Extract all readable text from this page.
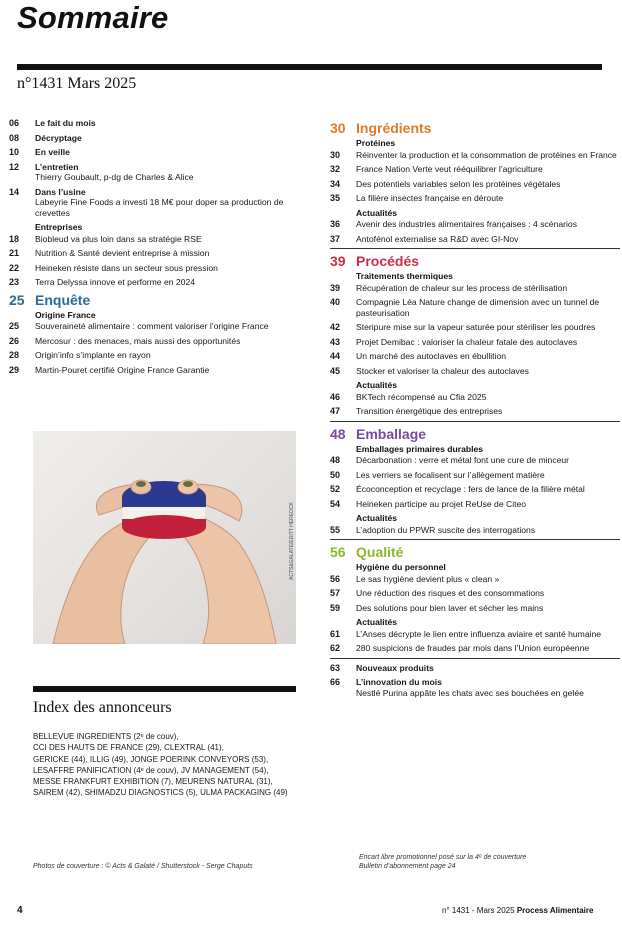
Sommaire
n°1431 Mars 2025
06 Le fait du mois
08 Décryptage
10 En veille
12 L’entretien
Thierry Goubault, p-dg de Charles & Alice
14 Dans l’usine
Labeyrie Fine Foods a investi 18 M€ pour doper sa production de crevettes
Entreprises
18 Biobleud va plus loin dans sa stratégie RSE
21 Nutrition & Santé devient entreprise à mission
22 Heineken résiste dans un secteur sous pression
23 Terra Delyssa innove et performe en 2024
25 Enquête
Origine France
25 Souveraineté alimentaire : comment valoriser l’origine France
26 Mercosur : des menaces, mais aussi des opportunités
28 Origin’info s’implante en rayon
29 Martin-Pouret certifié Origine France Garantie
ACTS&GALATE/EDITT HEREOCK
Index des annonceurs
BELLEVUE INGREDIENTS (2ᵉ de couv),
CCI DES HAUTS DE FRANCE (29), CLEXTRAL (41),
GERICKE (44), ILLIG (49), JONGE POERINK CONVEYORS (53),
LESAFFRE PANIFICATION (4ᵉ de couv), JV MANAGEMENT (54),
MESSE FRANKFURT EXHIBITION (7), MEURENS NATURAL (31),
SAIREM (42), SHIMADZU DIAGNOSTICS (5), ULMA PACKAGING (49)
Photos de couverture : © Acts & Galaté / Shutterstock - Serge Chaputs
30 Ingrédients
Protéines
30 Réinventer la production et la consommation de protéines en France
32 France Nation Verte veut rééquilibrer l’agriculture
34 Des potentiels variables selon les protéines végétales
35 La filière insectes française en déroute
Actualités
36 Avenir des industries alimentaires françaises : 4 scénarios
37 Antofénol externalise sa R&D avec GI-Nov
39 Procédés
Traitements thermiques
39 Récupération de chaleur sur les process de stérilisation
40 Compagnie Léa Nature change de dimension avec un tunnel de pasteurisation
42 Steripure mise sur la vapeur saturée pour stériliser les poudres
43 Projet Demibac : valoriser la chaleur fatale des autoclaves
44 Un marché des autoclaves en ébullition
45 Stocker et valoriser la chaleur des autoclaves
Actualités
46 BKTech récompensé au Cfia 2025
47 Transition énergétique des entreprises
48 Emballage
Emballages primaires durables
48 Décarbonation : verre et métal font une cure de minceur
50 Les verriers se focalisent sur l’allègement matière
52 Écoconception et recyclage : fers de lance de la filière métal
54 Heineken participe au projet ReUse de Citeo
Actualités
55 L’adoption du PPWR suscite des interrogations
56 Qualité
Hygiène du personnel
56 Le sas hygiène devient plus « clean »
57 Une réduction des risques et des consommations
59 Des solutions pour bien laver et sécher les mains
Actualités
61 L’Anses décrypte le lien entre influenza aviaire et santé humaine
62 280 suspicions de fraudes par mois dans l’Union européenne
63 Nouveaux produits
66 L’innovation du mois
Nestlé Purina appâte les chats avec ses bouchées en gelée
Encart libre promotionnel posé sur la 4ᵉ de couverture
Bulletin d’abonnement page 24
4	n° 1431 - Mars 2025 Process Alimentaire
